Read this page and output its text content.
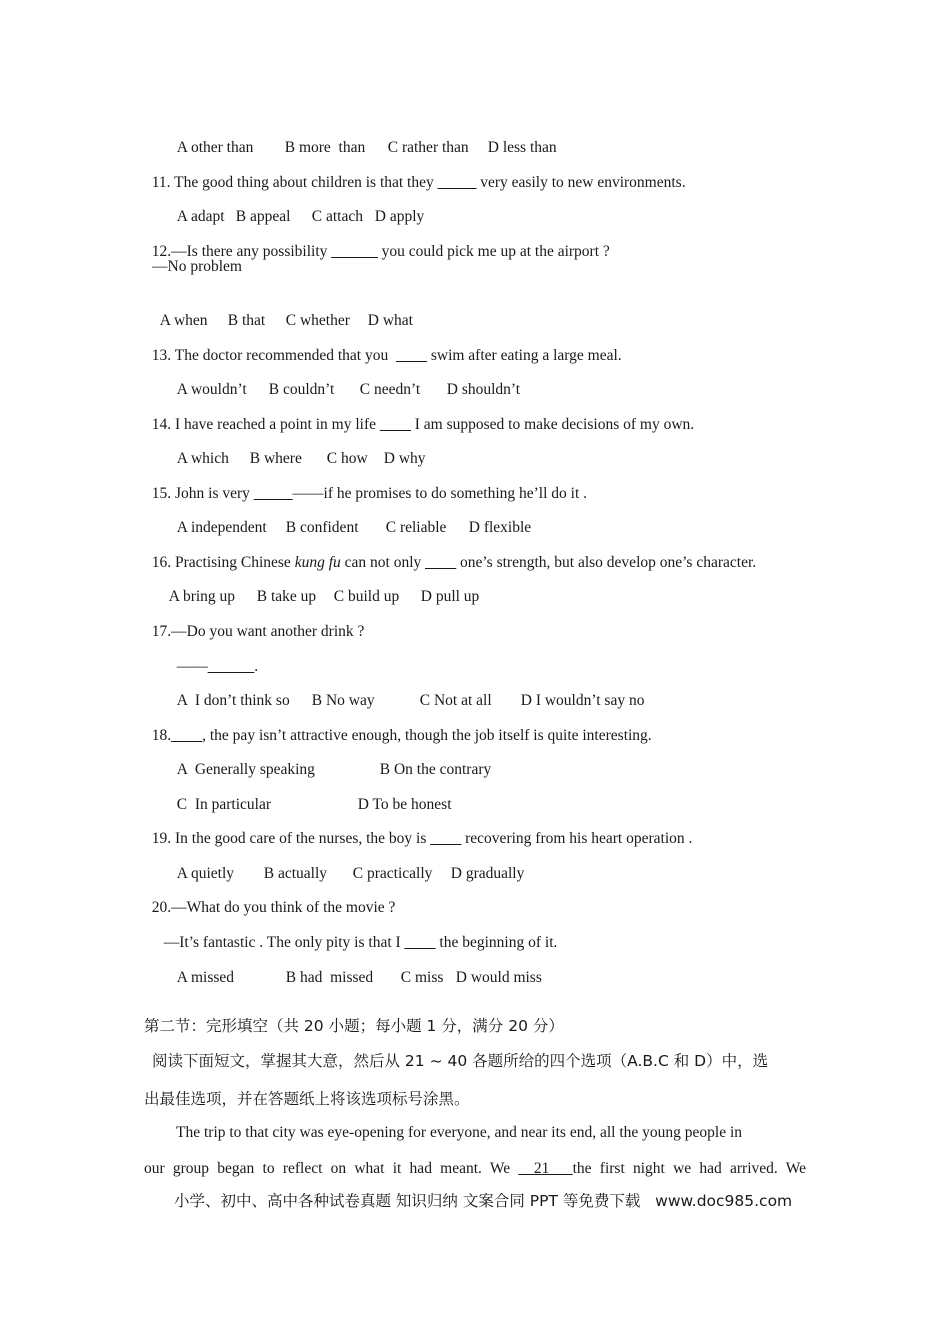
A other than B more  than C rather than D less than

11. The good thing about children is that they _____ very easily to new environments.

A adapt B appeal C attach D apply

12.—Is there any possibility ______ you could pick me up at the airport ?

—No problem

A when B that C whether D what

13. The doctor recommended that you  ____ swim after eating a large meal.

A wouldn’t B couldn’t C needn’t D shouldn’t

14. I have reached a point in my life ____ I am supposed to make decisions of my own.

A which B where C how D why

15. John is very _____——if he promises to do something he’ll do it .

A independent B confident C reliable D flexible

16. Practising Chinese kung fu can not only ____ one’s strength, but also develop one’s character.

A bring up B take up C build up D pull up

17.—Do you want another drink ?

——______.

A  I don’t think so B No way	C Not at all D I wouldn’t say no

18.____, the pay isn’t attractive enough, though the job itself is quite interesting.

A  Generally speaking	B On the contrary

C  In particular	D To be honest

19. In the good care of the nurses, the boy is ____ recovering from his heart operation .

A quietly B actually C practically D gradually

20.—What do you think of the movie ?

—It’s fantastic . The only pity is that I ____ the beginning of it.

A missed	B had  missed C miss D would miss

第二节：完形填空（共 20 小题；每小题 1 分，满分 20 分）
阅读下面短文，掌握其大意，然后从 21 ~ 40 各题所给的四个选项（A.B.C 和 D）中，选
出最佳选项，并在答题纸上将该选项标号涂黑。
The trip to that city was eye-opening for everyone, and near its end, all the young people in
our group began to reflect on what it had meant. We __21___the first night we had arrived. We
小学、初中、高中各种试卷真题 知识归纳 文案合同 PPT 等免费下载   www.doc985.com
